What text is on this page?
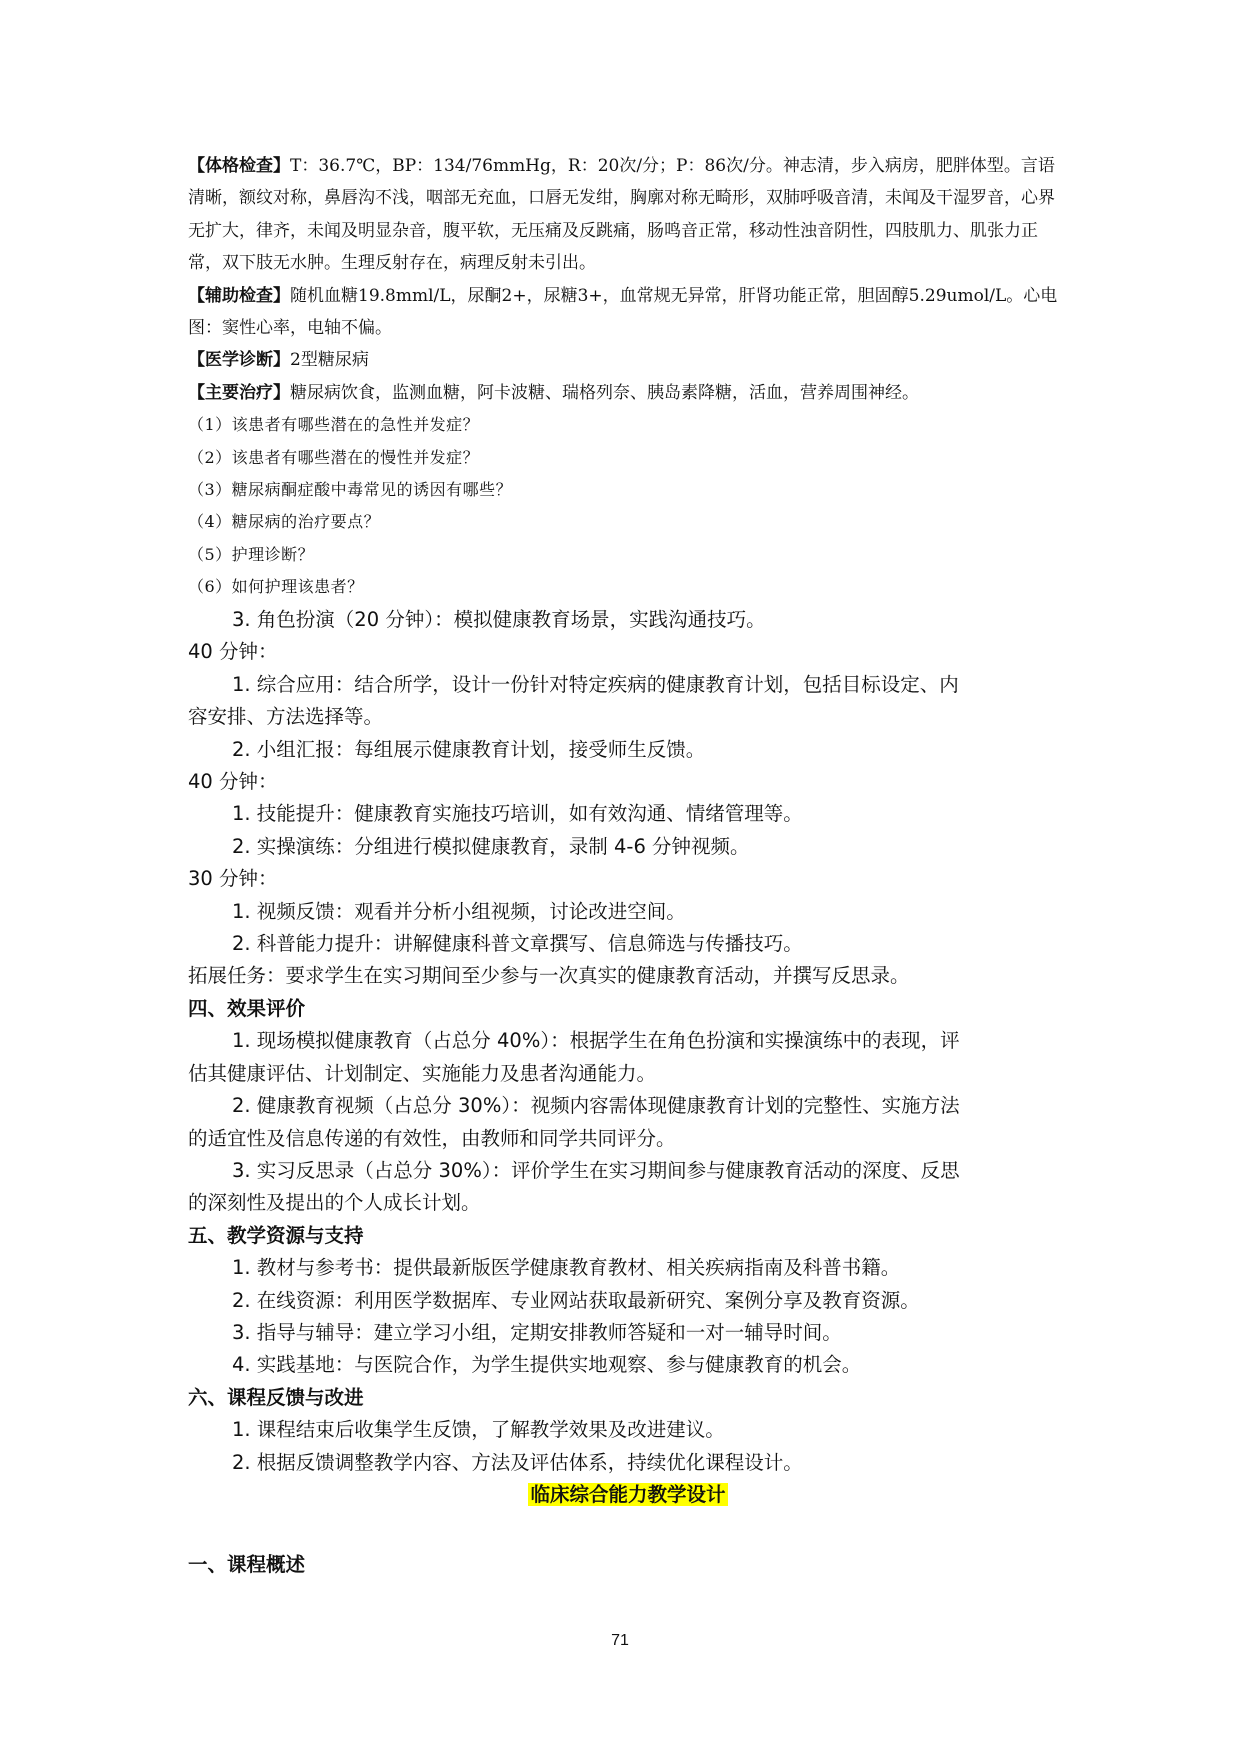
【体格检查】T：36.7℃，BP：134/76mmHg，R：20次/分；P：86次/分。神志清，步入病房，肥胖体型。言语清晰，额纹对称，鼻唇沟不浅，咽部无充血，口唇无发绀，胸廓对称无畸形，双肺呼吸音清，未闻及干湿罗音，心界无扩大，律齐，未闻及明显杂音，腹平软，无压痛及反跳痛，肠鸣音正常，移动性浊音阴性，四肢肌力、肌张力正常，双下肢无水肿。生理反射存在，病理反射未引出。

【辅助检查】随机血糖19.8mml/L，尿酮2+，尿糖3+，血常规无异常，肝肾功能正常，胆固醇5.29umol/L。心电图：窦性心率，电轴不偏。

【医学诊断】2型糖尿病

【主要治疗】糖尿病饮食，监测血糖，阿卡波糖、瑞格列奈、胰岛素降糖，活血，营养周围神经。

（1）该患者有哪些潜在的急性并发症？

（2）该患者有哪些潜在的慢性并发症？

（3）糖尿病酮症酸中毒常见的诱因有哪些？

（4）糖尿病的治疗要点？

（5）护理诊断？

（6）如何护理该患者？

3. 角色扮演（20 分钟）：模拟健康教育场景，实践沟通技巧。

40 分钟：

1. 综合应用：结合所学，设计一份针对特定疾病的健康教育计划，包括目标设定、内

容安排、方法选择等。

2. 小组汇报：每组展示健康教育计划，接受师生反馈。

40 分钟：

1. 技能提升：健康教育实施技巧培训，如有效沟通、情绪管理等。

2. 实操演练：分组进行模拟健康教育，录制 4-6 分钟视频。

30 分钟：

1. 视频反馈：观看并分析小组视频，讨论改进空间。

2. 科普能力提升：讲解健康科普文章撰写、信息筛选与传播技巧。

拓展任务：要求学生在实习期间至少参与一次真实的健康教育活动，并撰写反思录。

四、效果评价

1. 现场模拟健康教育（占总分 40%）：根据学生在角色扮演和实操演练中的表现，评

估其健康评估、计划制定、实施能力及患者沟通能力。

2. 健康教育视频（占总分 30%）：视频内容需体现健康教育计划的完整性、实施方法

的适宜性及信息传递的有效性，由教师和同学共同评分。

3. 实习反思录（占总分 30%）：评价学生在实习期间参与健康教育活动的深度、反思

的深刻性及提出的个人成长计划。

五、教学资源与支持

1. 教材与参考书：提供最新版医学健康教育教材、相关疾病指南及科普书籍。

2. 在线资源：利用医学数据库、专业网站获取最新研究、案例分享及教育资源。

3. 指导与辅导：建立学习小组，定期安排教师答疑和一对一辅导时间。

4. 实践基地：与医院合作，为学生提供实地观察、参与健康教育的机会。

六、课程反馈与改进

1. 课程结束后收集学生反馈，了解教学效果及改进建议。

2. 根据反馈调整教学内容、方法及评估体系，持续优化课程设计。

临床综合能力教学设计

一、课程概述

71
